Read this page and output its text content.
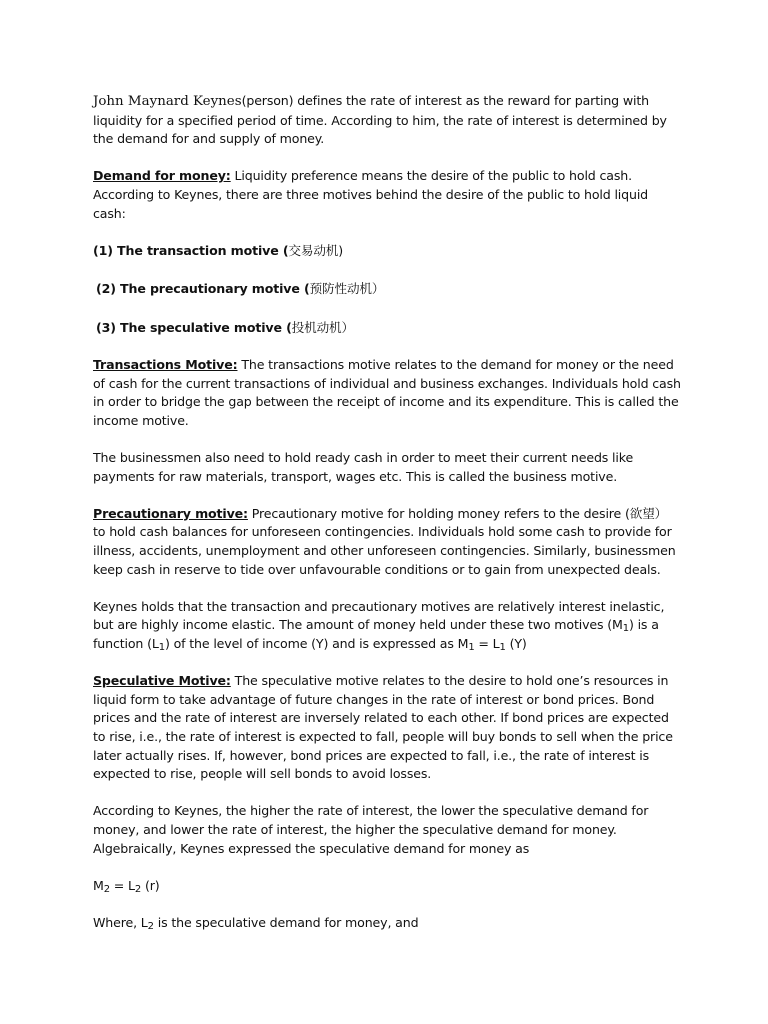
John Maynard Keynes(person) defines the rate of interest as the reward for parting with liquidity for a specified period of time. According to him, the rate of interest is determined by the demand for and supply of money.

Demand for money: Liquidity preference means the desire of the public to hold cash. According to Keynes, there are three motives behind the desire of the public to hold liquid cash:

(1) The transaction motive (交易动机)

(2) The precautionary motive (预防性动机）

(3) The speculative motive (投机动机）

Transactions Motive: The transactions motive relates to the demand for money or the need of cash for the current transactions of individual and business exchanges. Individuals hold cash in order to bridge the gap between the receipt of income and its expenditure. This is called the income motive.

The businessmen also need to hold ready cash in order to meet their current needs like payments for raw materials, transport, wages etc. This is called the business motive.

Precautionary motive: Precautionary motive for holding money refers to the desire (欲望） to hold cash balances for unforeseen contingencies. Individuals hold some cash to provide for illness, accidents, unemployment and other unforeseen contingencies. Similarly, businessmen keep cash in reserve to tide over unfavourable conditions or to gain from unexpected deals.

Keynes holds that the transaction and precautionary motives are relatively interest inelastic, but are highly income elastic. The amount of money held under these two motives $(M_1)$ is a function $(L_1)$ of the level of income (Y) and is expressed as $M_1 = L_1$ (Y)

Speculative Motive: The speculative motive relates to the desire to hold one’s resources in liquid form to take advantage of future changes in the rate of interest or bond prices. Bond prices and the rate of interest are inversely related to each other. If bond prices are expected to rise, i.e., the rate of interest is expected to fall, people will buy bonds to sell when the price later actually rises. If, however, bond prices are expected to fall, i.e., the rate of interest is expected to rise, people will sell bonds to avoid losses.

According to Keynes, the higher the rate of interest, the lower the speculative demand for money, and lower the rate of interest, the higher the speculative demand for money. Algebraically, Keynes expressed the speculative demand for money as

$M_2 = L_2$ (r)

Where, $L_2$ is the speculative demand for money, and
